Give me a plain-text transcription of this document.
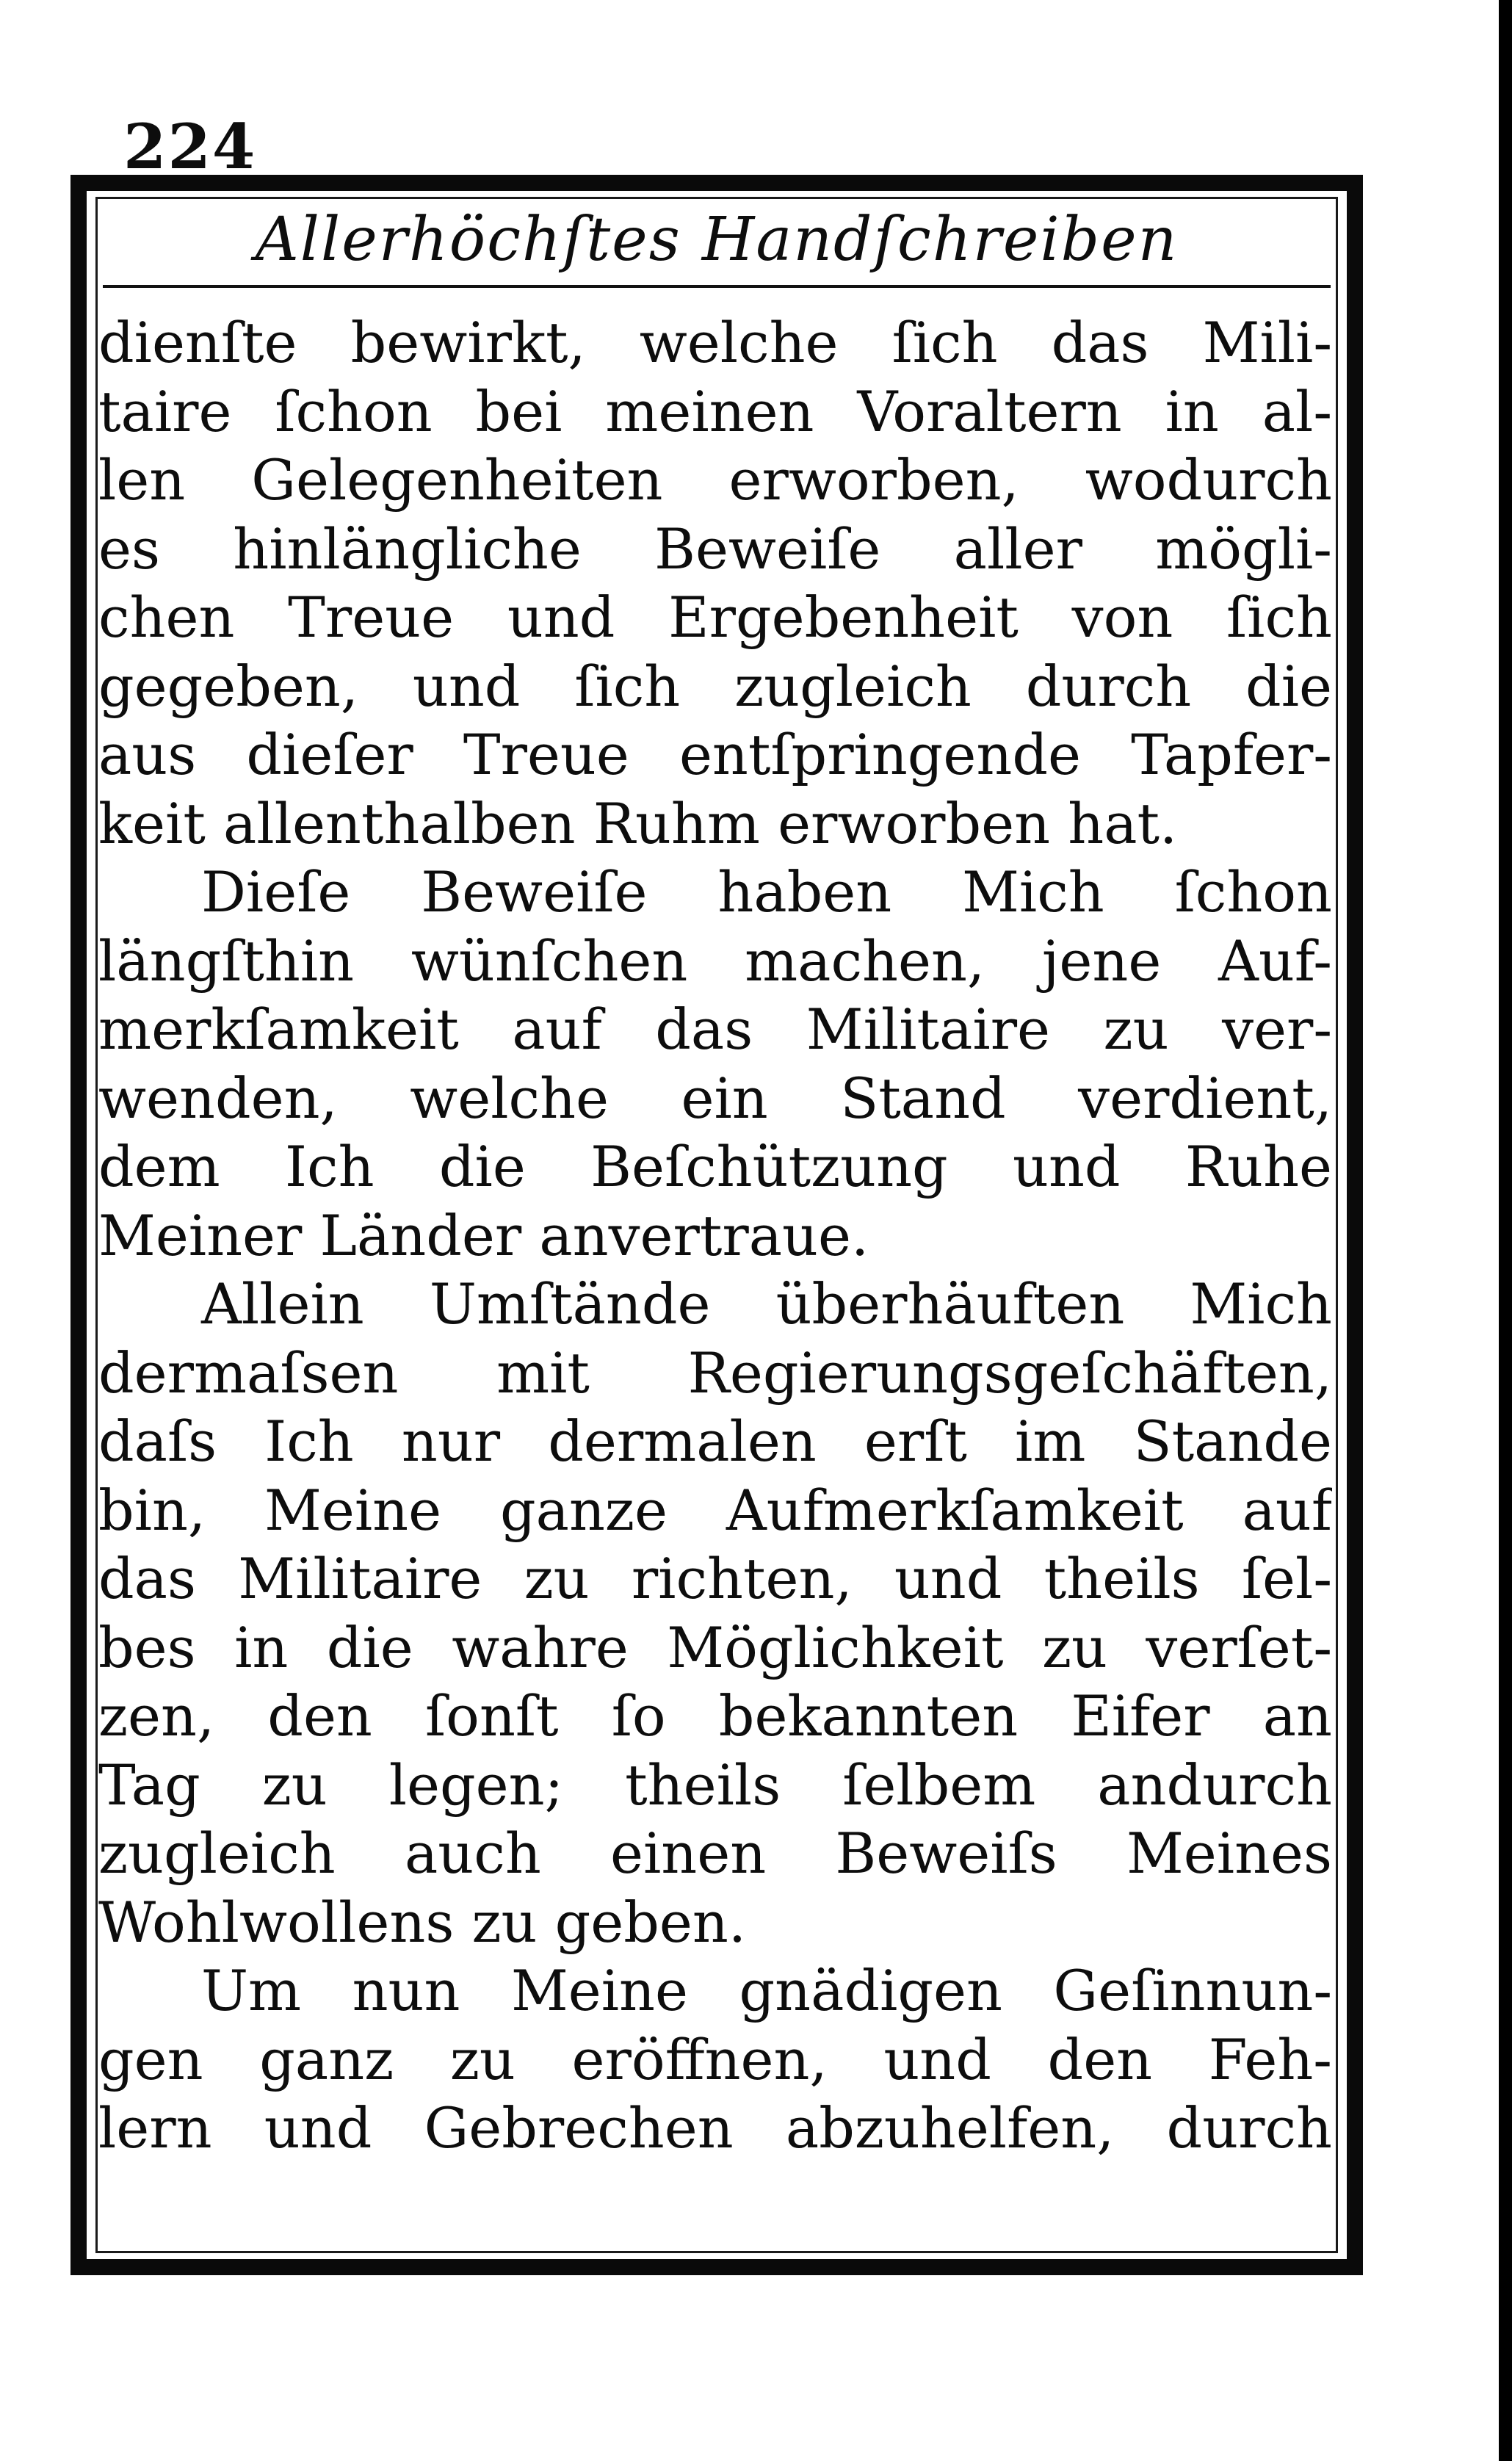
224
Allerhöchſtes Handſchreiben
dienſte bewirkt, welche ſich das Mili-
taire ſchon bei meinen Voraltern in al-
len Gelegenheiten erworben, wodurch
es hinlängliche Beweiſe aller mögli-
chen Treue und Ergebenheit von ſich
gegeben, und ſich zugleich durch die
aus dieſer Treue entſpringende Tapfer-
keit allenthalben Ruhm erworben hat.
Dieſe Beweiſe haben Mich ſchon
längſthin wünſchen machen, jene Auf-
merkſamkeit auf das Militaire zu ver-
wenden, welche ein Stand verdient,
dem Ich die Beſchützung und Ruhe
Meiner Länder anvertraue.
Allein Umſtände überhäuften Mich
dermaſsen mit Regierungsgeſchäften,
daſs Ich nur dermalen erſt im Stande
bin, Meine ganze Aufmerkſamkeit auf
das Militaire zu richten, und theils ſel-
bes in die wahre Möglichkeit zu verſet-
zen, den ſonſt ſo bekannten Eifer an
Tag zu legen; theils ſelbem andurch
zugleich auch einen Beweiſs Meines
Wohlwollens zu geben.
Um nun Meine gnädigen Geſinnun-
gen ganz zu eröffnen, und den Feh-
lern und Gebrechen abzuhelfen, durch
